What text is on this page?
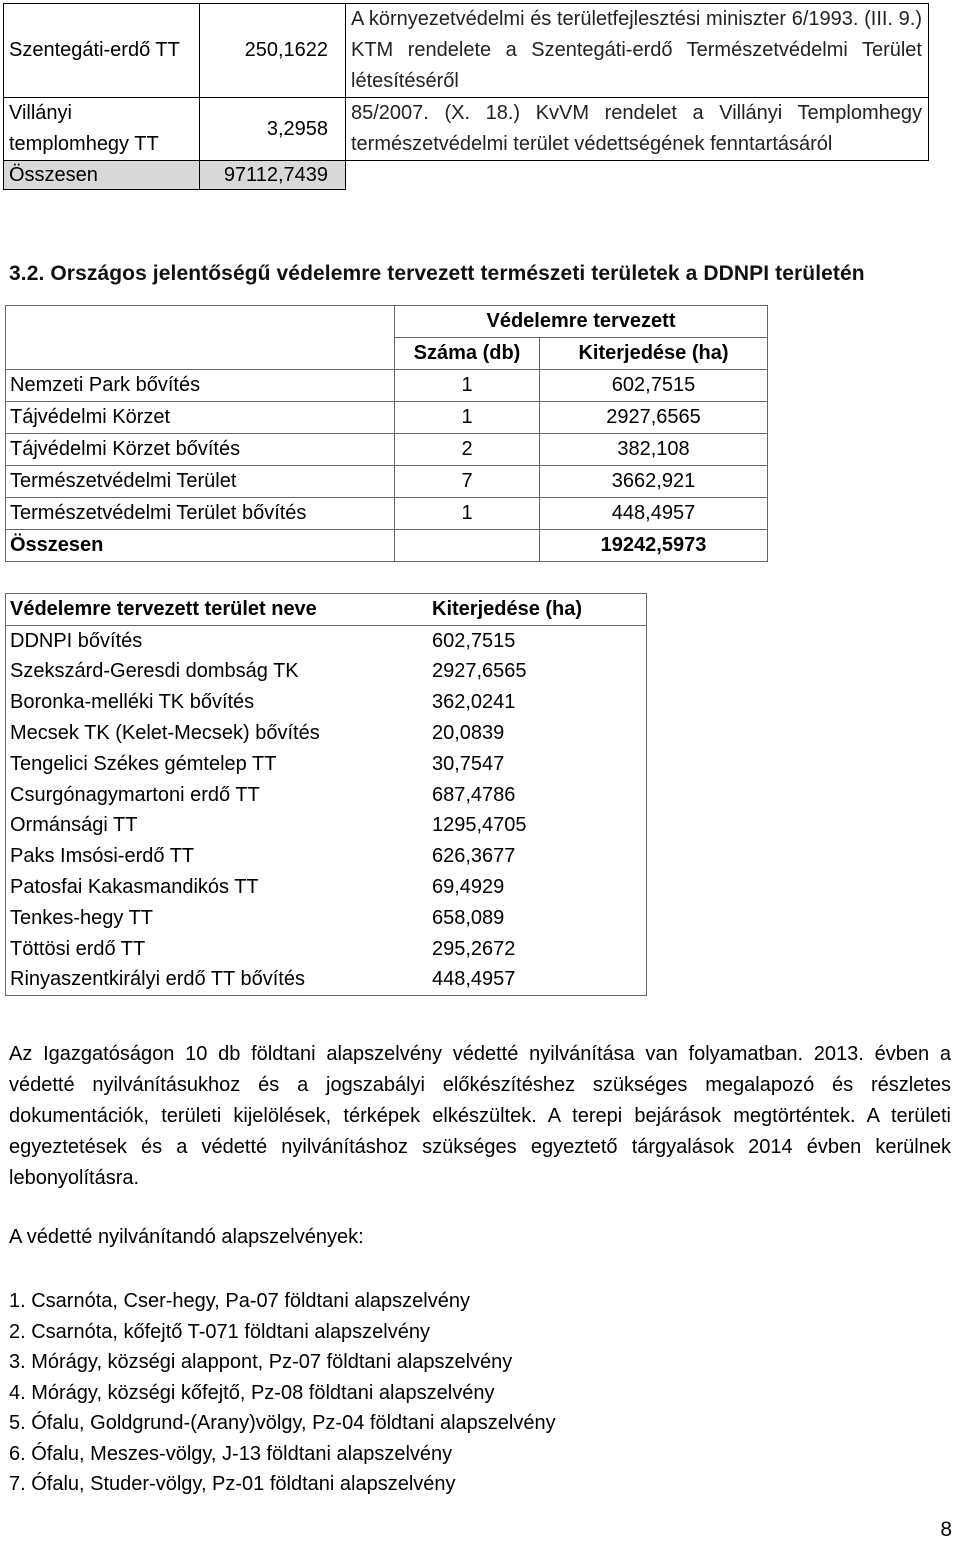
Szentegáti-erdő TT	250,1622	A környezetvédelmi és területfejlesztési miniszter 6/1993. (III. 9.) KTM rendelete a Szentegáti-erdő Természetvédelmi Terület létesítéséről
Villányi templomhegy TT	3,2958	85/2007. (X. 18.) KvVM rendelet a Villányi Templomhegy természetvédelmi terület védettségének fenntartásáról
Összesen	97112,7439	
3.2. Országos jelentőségű védelemre tervezett természeti területek a DDNPI területén
	Védelemre tervezett	
	Száma (db)	Kiterjedése (ha)
Nemzeti Park bővítés	1	602,7515
Tájvédelmi Körzet	1	2927,6565
Tájvédelmi Körzet bővítés	2	382,108
Természetvédelmi Terület	7	3662,921
Természetvédelmi Terület bővítés	1	448,4957
Összesen		19242,5973
Védelemre tervezett terület neve	Kiterjedése (ha)
DDNPI bővítés	602,7515
Szekszárd-Geresdi dombság TK	2927,6565
Boronka-melléki TK bővítés	362,0241
Mecsek TK (Kelet-Mecsek) bővítés	20,0839
Tengelici Székes gémtelep TT	30,7547
Csurgónagymartoni erdő TT	687,4786
Ormánsági TT	1295,4705
Paks Imsósi-erdő TT	626,3677
Patosfai Kakasmandikós TT	69,4929
Tenkes-hegy TT	658,089
Töttösi erdő TT	295,2672
Rinyaszentkirályi erdő TT bővítés	448,4957
Az Igazgatóságon 10 db földtani alapszelvény védetté nyilvánítása van folyamatban. 2013. évben a védetté nyilvánításukhoz és a jogszabályi előkészítéshez szükséges megalapozó és részletes dokumentációk, területi kijelölések, térképek elkészültek. A terepi bejárások megtörténtek. A területi egyeztetések és a védetté nyilvánításhoz szükséges egyeztető tárgyalások 2014 évben kerülnek lebonyolításra.
A védetté nyilvánítandó alapszelvények:
1. Csarnóta, Cser-hegy, Pa-07 földtani alapszelvény
2. Csarnóta, kőfejtő T-071 földtani alapszelvény
3. Mórágy, községi alappont, Pz-07 földtani alapszelvény
4. Mórágy, községi kőfejtő, Pz-08 földtani alapszelvény
5. Ófalu, Goldgrund-(Arany)völgy, Pz-04 földtani alapszelvény
6. Ófalu, Meszes-völgy, J-13 földtani alapszelvény
7. Ófalu, Studer-völgy, Pz-01 földtani alapszelvény
8
